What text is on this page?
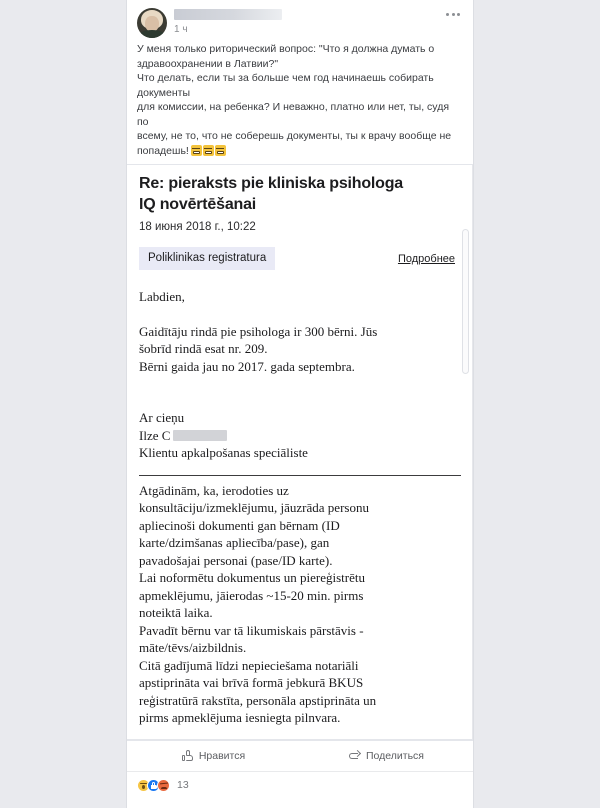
1 ч

У меня только риторический вопрос: "Что я должна думать о

здравоохранении в Латвии?"

Что делать, если ты за больше чем год начинаешь собирать документы

для комиссии, на ребенка? И неважно, платно или нет, ты, судя по

всему, не то, что не соберешь документы, ты к врачу вообще не

попадешь!

Re: pieraksts pie kliniska psihologa
IQ novērtēšanai
18 июня 2018 г., 10:22
Poliklinikas registratura	Подробнее

Labdien,

Gaidītāju rindā pie psihologa ir 300 bērni. Jūs

šobrīd rindā esat nr. 209.

Bērni gaida jau no 2017. gada septembra.

Ar cieņu

Ilze C

Klientu apkalpošanas speciāliste

Atgādinām, ka, ierodoties uz

konsultāciju/izmeklējumu, jāuzrāda personu

apliecinoši dokumenti gan bērnam (ID

karte/dzimšanas apliecība/pase), gan

pavadošajai personai (pase/ID karte).

Lai noformētu dokumentus un piereģistrētu

apmeklējumu, jāierodas ~15-20 min. pirms

noteiktā laika.

Pavadīt bērnu var tā likumiskais pārstāvis -

māte/tēvs/aizbildnis.

Citā gadījumā līdzi nepieciešama notariāli

apstiprināta vai brīvā formā jebkurā BKUS

reģistratūrā rakstīta, personāla apstiprināta un

pirms apmeklējuma iesniegta pilnvara.

Нравится	Поделиться
13
